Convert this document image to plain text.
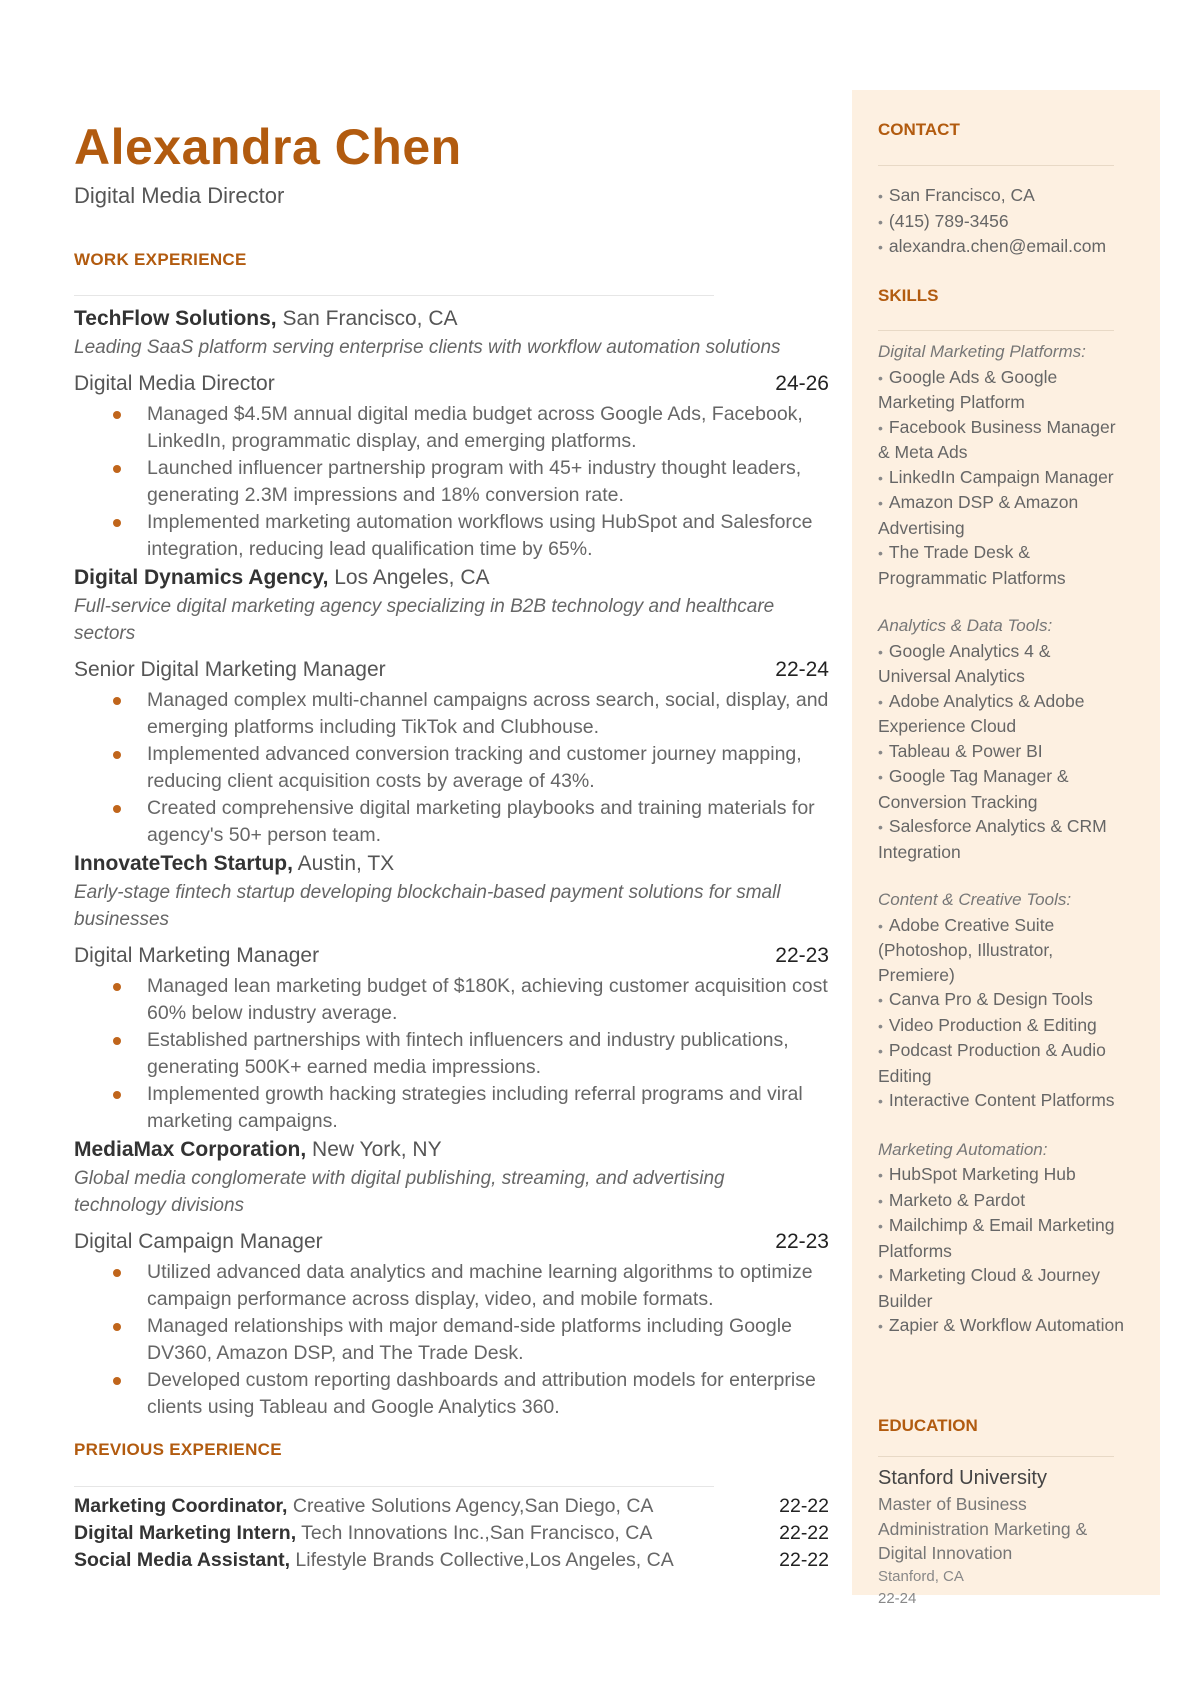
Alexandra Chen
Digital Media Director
WORK EXPERIENCE
TechFlow Solutions, San Francisco, CA
Leading SaaS platform serving enterprise clients with workflow automation solutions
Digital Media Director	24-26
Managed $4.5M annual digital media budget across Google Ads, Facebook, LinkedIn, programmatic display, and emerging platforms.
Launched influencer partnership program with 45+ industry thought leaders, generating 2.3M impressions and 18% conversion rate.
Implemented marketing automation workflows using HubSpot and Salesforce integration, reducing lead qualification time by 65%.
Digital Dynamics Agency, Los Angeles, CA
Full-service digital marketing agency specializing in B2B technology and healthcare sectors
Senior Digital Marketing Manager	22-24
Managed complex multi-channel campaigns across search, social, display, and emerging platforms including TikTok and Clubhouse.
Implemented advanced conversion tracking and customer journey mapping, reducing client acquisition costs by average of 43%.
Created comprehensive digital marketing playbooks and training materials for agency's 50+ person team.
InnovateTech Startup, Austin, TX
Early-stage fintech startup developing blockchain-based payment solutions for small businesses
Digital Marketing Manager	22-23
Managed lean marketing budget of $180K, achieving customer acquisition cost 60% below industry average.
Established partnerships with fintech influencers and industry publications, generating 500K+ earned media impressions.
Implemented growth hacking strategies including referral programs and viral marketing campaigns.
MediaMax Corporation, New York, NY
Global media conglomerate with digital publishing, streaming, and advertising technology divisions
Digital Campaign Manager	22-23
Utilized advanced data analytics and machine learning algorithms to optimize campaign performance across display, video, and mobile formats.
Managed relationships with major demand-side platforms including Google DV360, Amazon DSP, and The Trade Desk.
Developed custom reporting dashboards and attribution models for enterprise clients using Tableau and Google Analytics 360.
PREVIOUS EXPERIENCE
Marketing Coordinator, Creative Solutions Agency,San Diego, CA	22-22
Digital Marketing Intern, Tech Innovations Inc.,San Francisco, CA	22-22
Social Media Assistant, Lifestyle Brands Collective,Los Angeles, CA	22-22
CONTACT
• San Francisco, CA
• (415) 789-3456
• alexandra.chen@email.com
SKILLS
Digital Marketing Platforms:
• Google Ads & Google Marketing Platform
• Facebook Business Manager & Meta Ads
• LinkedIn Campaign Manager
• Amazon DSP & Amazon Advertising
• The Trade Desk & Programmatic Platforms
Analytics & Data Tools:
• Google Analytics 4 & Universal Analytics
• Adobe Analytics & Adobe Experience Cloud
• Tableau & Power BI
• Google Tag Manager & Conversion Tracking
• Salesforce Analytics & CRM Integration
Content & Creative Tools:
• Adobe Creative Suite (Photoshop, Illustrator, Premiere)
• Canva Pro & Design Tools
• Video Production & Editing
• Podcast Production & Audio Editing
• Interactive Content Platforms
Marketing Automation:
• HubSpot Marketing Hub
• Marketo & Pardot
• Mailchimp & Email Marketing Platforms
• Marketing Cloud & Journey Builder
• Zapier & Workflow Automation
EDUCATION
Stanford University
Master of Business Administration Marketing & Digital Innovation
Stanford, CA
22-24
